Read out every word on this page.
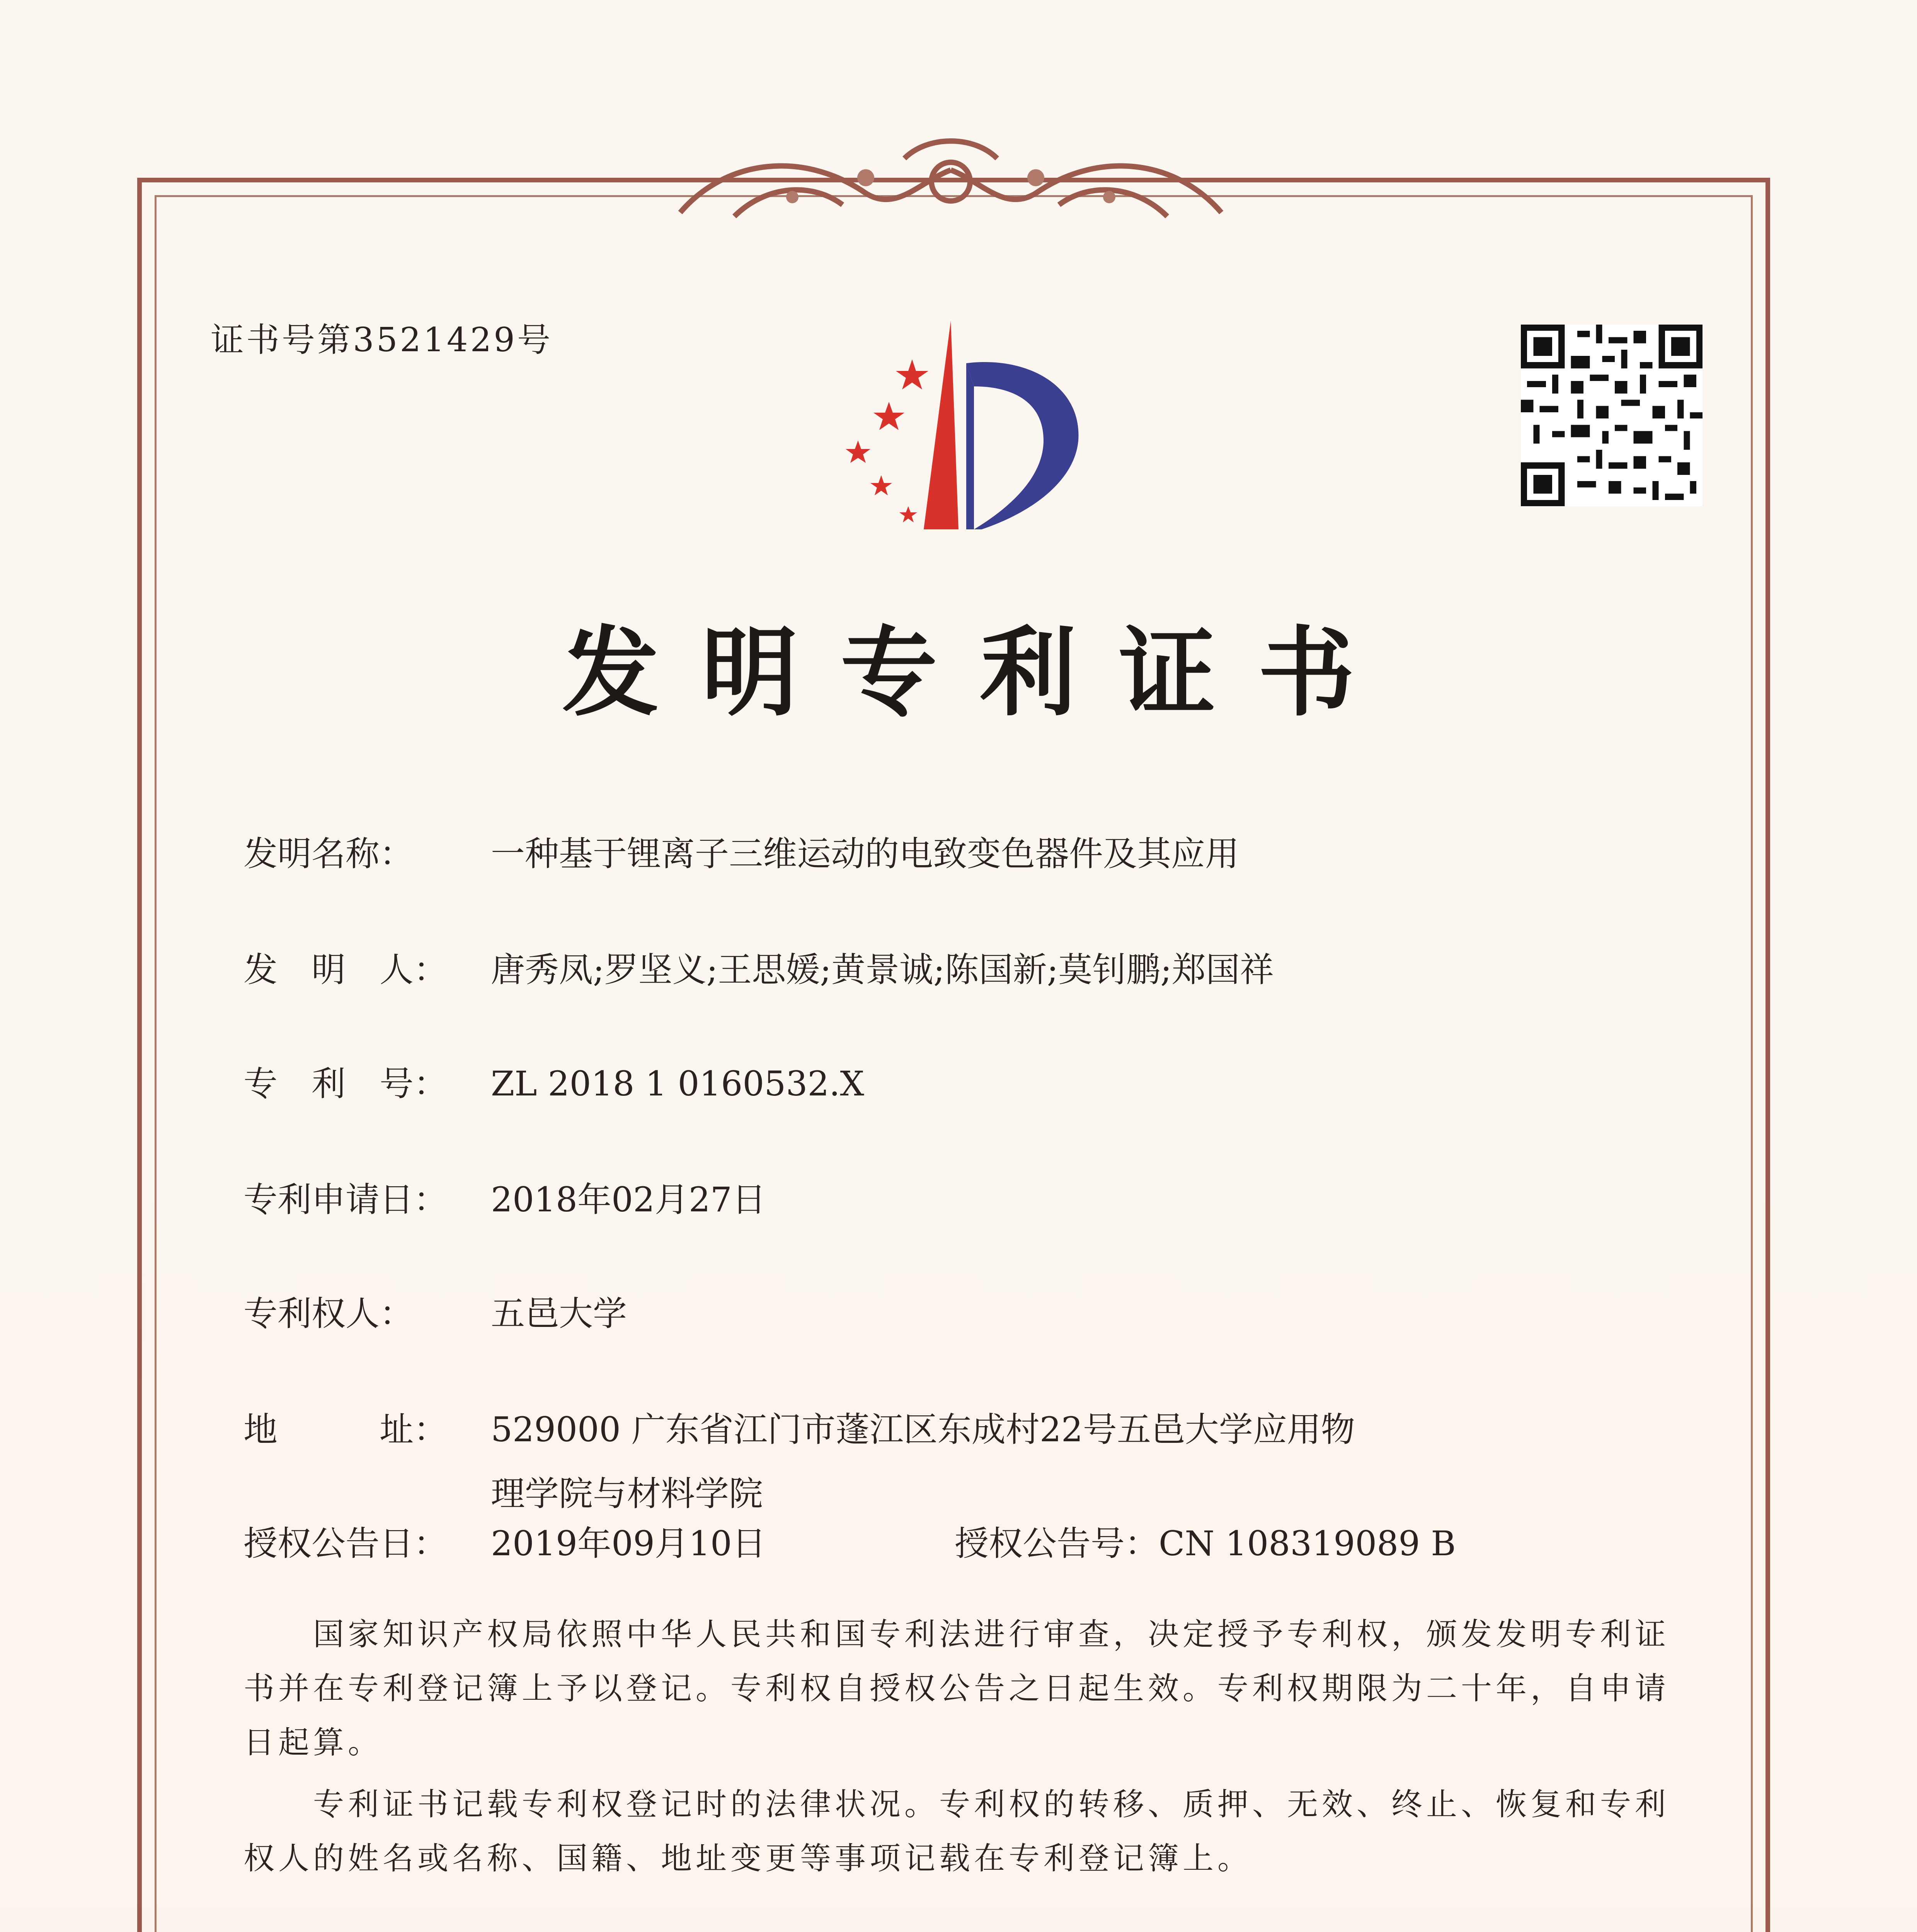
证书号第3521429号
发明专利证书
发明名称： 一种基于锂离子三维运动的电致变色器件及其应用
发　明　人： 唐秀凤;罗坚义;王思媛;黄景诚;陈国新;莫钊鹏;郑国祥
专　利　号： ZL 2018 1 0160532.X
专利申请日： 2018年02月27日
专利权人： 五邑大学
地　　　址： 529000 广东省江门市蓬江区东成村22号五邑大学应用物
理学院与材料学院
授权公告日： 2019年09月10日	授权公告号：CN 108319089 B
国家知识产权局依照中华人民共和国专利法进行审查，决定授予专利权，颁发发明专利证书并在专利登记簿上予以登记。专利权自授权公告之日起生效。专利权期限为二十年，自申请日起算。
专利证书记载专利权登记时的法律状况。专利权的转移、质押、无效、终止、恢复和专利权人的姓名或名称、国籍、地址变更等事项记载在专利登记簿上。
